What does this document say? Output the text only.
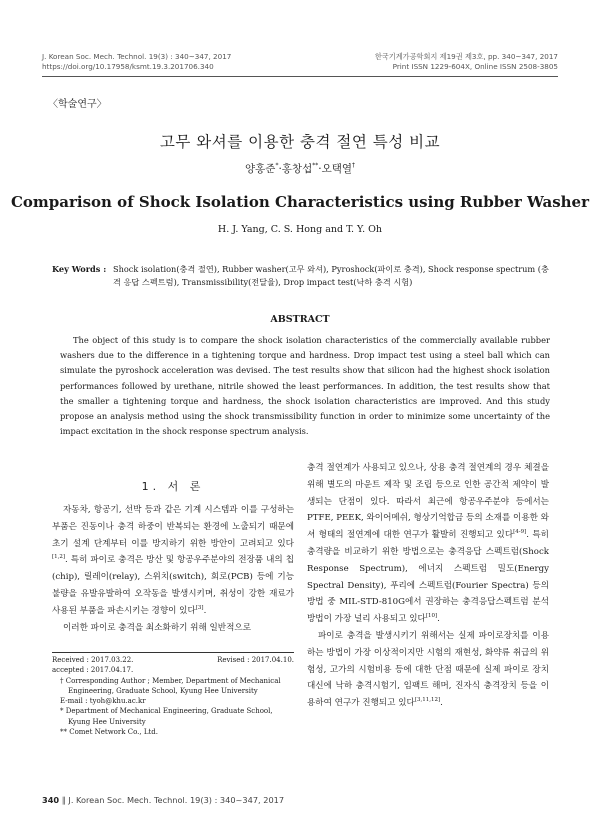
J. Korean Soc. Mech. Technol. 19(3) : 340~347, 2017
https://doi.org/10.17958/ksmt.19.3.201706.340
한국기계가공학회지 제19권 제3호, pp. 340~347, 2017
Print ISSN 1229-604X, Online ISSN 2508-3805
〈학술연구〉
고무 와셔를 이용한 충격 절연 특성 비교
양홍준*·홍창섭**·오택열†
Comparison of Shock Isolation Characteristics using Rubber Washer
H. J. Yang, C. S. Hong and T. Y. Oh
Key Words : Shock isolation(충격 절연), Rubber washer(고무 와셔), Pyroshock(파이로 충격), Shock response spectrum (충격 응답 스펙트럼), Transmissibility(전달율), Drop impact test(낙하 충격 시험)
ABSTRACT
The object of this study is to compare the shock isolation characteristics of the commercially available rubber washers due to the difference in a tightening torque and hardness. Drop impact test using a steel ball which can simulate the pyroshock acceleration was devised. The test results show that silicon had the highest shock isolation performances followed by urethane, nitrile showed the least performances. In addition, the test results show that the smaller a tightening torque and hardness, the shock isolation characteristics are improved. And this study propose an analysis method using the shock transmissibility function in order to minimize some uncertainty of the impact excitation in the shock response spectrum analysis.
1. 서 론

자동차, 항공기, 선박 등과 같은 기계 시스템과 이를 구성하는 부품은 진동이나 충격 하중이 반복되는 환경에 노출되기 때문에 초기 설계 단계부터 이를 방지하기 위한 방안이 고려되고 있다[1,2]. 특히 파이로 충격은 방산 및 항공우주분야의 전장품 내의 칩(chip), 릴레이(relay), 스위치(switch), 회로(PCB) 등에 기능 불량을 유발유발하여 오작동을 발생시키며, 취성이 강한 재료가 사용된 부품을 파손시키는 경향이 있다[3].

이러한 파이로 충격을 최소화하기 위해 일반적으로

충격 절연계가 사용되고 있으나, 상용 충격 절연계의 경우 체결을 위해 별도의 마운트 제작 및 조립 등으로 인한 공간적 제약이 발생되는 단점이 있다. 따라서 최근에 항공우주분야 등에서는 PTFE, PEEK, 와이어메쉬, 형상기억합금 등의 소재를 이용한 와셔 형태의 절연계에 대한 연구가 활발히 진행되고 있다[4-9]. 특히 충격량을 비교하기 위한 방법으로는 충격응답 스펙트럼(Shock Response Spectrum), 에너지 스펙트럼 밀도(Energy Spectral Density), 푸리에 스펙트럼(Fourier Spectra) 등의 방법 중 MIL-STD-810G에서 권장하는 충격응답스펙트럼 분석방법이 가장 널리 사용되고 있다[10].

파이로 충격을 발생시키기 위해서는 실제 파이로장치를 이용하는 방법이 가장 이상적이지만 시험의 재현성, 화약류 취급의 위험성, 고가의 시험비용 등에 대한 단점 때문에 실제 파이로 장치 대신에 낙하 충격시험기, 임팩트 해머, 진자식 충격장치 등을 이용하여 연구가 진행되고 있다[3,11,12].

Received : 2017.03.22.	Revised : 2017.04.10.
accepted : 2017.04.17.
† Corresponding Author ; Member, Department of Mechanical Engineering, Graduate School, Kyung Hee University
E-mail : tyoh@khu.ac.kr
* Department of Mechanical Engineering, Graduate School, Kyung Hee University
** Comet Network Co., Ltd.
340 ∥ J. Korean Soc. Mech. Technol. 19(3) : 340~347, 2017
